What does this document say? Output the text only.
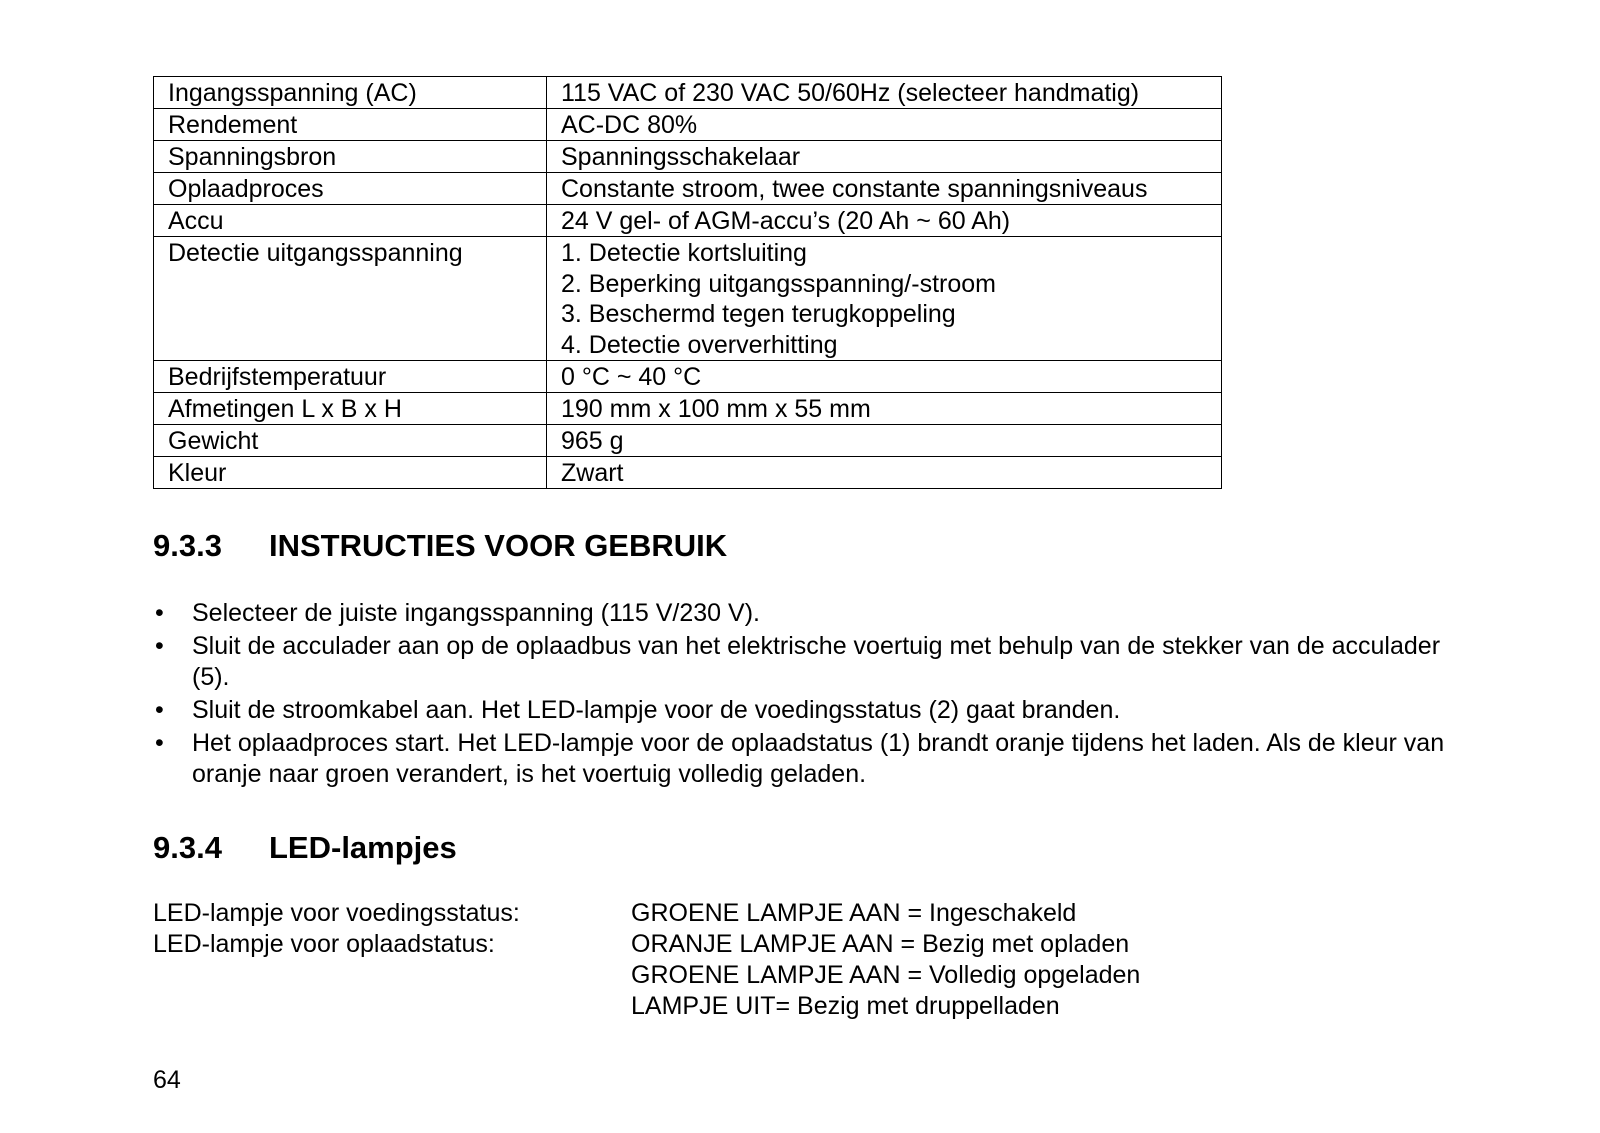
Ingangsspanning (AC)	115 VAC of 230 VAC 50/60Hz (selecteer handmatig)
Rendement	AC-DC 80%
Spanningsbron	Spanningsschakelaar
Oplaadproces	Constante stroom, twee constante spanningsniveaus
Accu	24 V gel- of AGM-accu’s (20 Ah ~ 60 Ah)
Detectie uitgangsspanning	1. Detectie kortsluiting
2. Beperking uitgangsspanning/-stroom
3. Beschermd tegen terugkoppeling
4. Detectie oververhitting

Bedrijfstemperatuur	0 °C ~ 40 °C
Afmetingen L x B x H	190 mm x 100 mm x 55 mm
Gewicht	965 g
Kleur	Zwart
9.3.3 INSTRUCTIES VOOR GEBRUIK
•	Selecteer de juiste ingangsspanning (115 V/230 V).
•	Sluit de acculader aan op de oplaadbus van het elektrische voertuig met behulp van de stekker van de acculader (5).
•	Sluit de stroomkabel aan. Het LED-lampje voor de voedingsstatus (2) gaat branden.
•	Het oplaadproces start. Het LED-lampje voor de oplaadstatus (1) brandt oranje tijdens het laden. Als de kleur van oranje naar groen verandert, is het voertuig volledig geladen.
9.3.4 LED-lampjes
LED-lampje voor voedingsstatus:	GROENE LAMPJE AAN = Ingeschakeld
LED-lampje voor oplaadstatus:	ORANJE LAMPJE AAN = Bezig met opladen
GROENE LAMPJE AAN = Volledig opgeladen
LAMPJE UIT= Bezig met druppelladen
64
